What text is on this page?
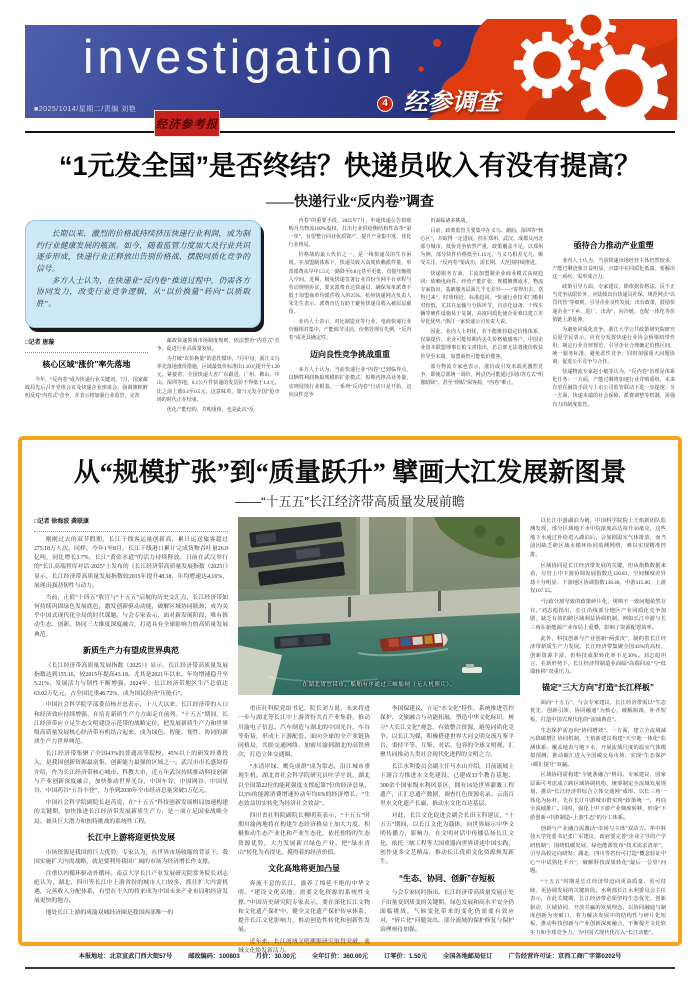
investigation
4 经参调查
■2025/1014/星期二/责编 刘艳
经济参考报
“1元发全国”是否终结？快递员收入有没有提高？
——快递行业“反内卷”调查

长期以来，激烈的价格战持续挤压快递行业利润，成为制约行业健康发展的瓶颈。如今，随着监管力度加大及行业共识逐步形成，快递行业正释放出告别价格战、摆脱同质化竞争的信号。

多方人士认为，在快递业“反内卷”推进过程中，仍需各方协同发力，改变行业竞争逻辑，从“以价换量”转向“以质取胜”。

□记者 唐璇
核心区域“涨价”率先落地

今年，“反内卷”成为快递行业关键词。7月，国家邮政局先后召开党组会议及快递企业座谈会，强调旗帜鲜明反对“内卷式”竞争，并表示将加强行业监管，完善

邮政快递领域市场制度规则，依法整治“内卷式”竞争，促进行业高质量发展。

为打破“以价换量”的恶性循环，7月中旬，浙江义乌率先落地涨价措施，区域最低价标准由1.10元提升至1.20元。紧接着，全国快递大省广东跟进，广州、佛山、中山、深圳等地，0.1公斤件快递的发货价不得低于1.4元，比之前上涨0.4至0.5元。这意味着，靠“1元发全国”抢市场的时代正在结束。

优化产能结构、并购重组，也是此次“反

内卷”的重要手段。2025年7月，申通快递公告拟收购丹鸟物流100%股权，打出行业供给侧结构性改革“第一单”，有望整合同业优质资产，提升产业集中度，优化行业格局。

价格战的最大代价之一，是一线快递员的生存困境。在加盟制体系下，快递员收入高度依赖派件量，单票派费从早年1.5元一路降至0.8元甚至更低，直接压缩收入空间。近期，极兔快递签署行业首份全网平台章程与劳动规则协议，要求派费直达快递员，确保每单派费不低于加盟商单均派件收入的25%。杭州快递网点负责人朱先生表示，派费直达有助于避免快递员收入被层层截留。

业内人士表示，对比制造业等行业，电商快递行业份额相对集中，产能调节灵活，价格管理有先例，“反内卷”或更具确定性。

迈向良性竞争挑战重重

多方人士认为，当前快递行业“内卷”已到临界点，以牺牲利润换取规模的扩张模式，短期内推高业务量，实则侵蚀行业根基。一系列“反内卷”行动只是开始，迈向良性竞争

仍面临诸多挑战。

目前，政策监管主要集中在义乌、潮汕、深圳等“核心区”，并取得一定进展。但在郑州、武汉、成都及河北部分城市，低价竞争依然严重，政策覆盖不足。以郑州为例，部分快件价格低至1.15元，与义乌相差无几，颇受关注。“反内卷”要成功，需长期、大范围持续推进。

快递服务方面，主流加盟制企业商业模式高度趋同：依赖电商件、经营产能扩张、规模摊薄成本。物流专家指出，基础服务层面几乎无差异——“寄得出去、送得过来”，时效相近、标准趋同。“快递行业技术门槛相对较低，尤其在运输与分拣环节，自动化设备、干线车辆等硬件设施易于复制，高度同质化使企业难以建立差异化优势。”浙江一家快递公司负责人说。

因此，业内人士担忧，若不能维持稳定价格体系，仅靠提价，企业可能短期内丢失价格敏感客户。中国企业资本联盟理事长柏文喜指出，若总部无法将涨价收益传导至末端，加盟商仍可能低价揽客。

部分物流专家也表示，涨价或引发末端更激烈竞争。即使总部统一调价，网点仍可能通过回扣等方式“明涨暗降”，甚至“倒贴”保客源，“内卷”难止。

亟待合力推动产业重塑

业内人士认为，当前快递市场经营主体仍然较多，产能过剩迹象日益明显，且集中在同质化低端。要解决这一顽疾，需形成合力。

政策引导方面，专家建议，除依据价格法、反不正当竞争法限价外，应陆续出台快递员社保、规范网点“以罚代管”等细则，引导企业良性发展；出台政策，鼓励快递企业“下乡、进厂、出海”，向冷链、仓配一体化等价值链上游延伸。

为避免同质化竞争，浙江大学公共政策研究院研究员夏学民表示，应充分发挥快递行业协会桥梁纽带作用，制定行业自律规范，引导企业合理确定价格区间，统一服务标准，避免恶性竞争；同时加强重大问题协调，促进公平竞争与合作。

快递物流专家赵小敏等认为，“反内卷”治理是体系化任务：一方面，产能过剩将加速行业并购重组，未来有望在融资手段与上市公司监管联动下进一步提速；另一方面，快递末端的社会保障、派费调整等机制，需强有力的制度监管。

从“规模扩张”到“质量跃升” 擘画大江发展新图景
——“十五五”长江经济带高质量发展前瞻
□记者 徐海波 龚联康

刚刚过去的双节假期，长江干线客运量创新高，累计运送旅客超过275.18万人次。同样，今年1至8月，长江干线港口累计完成货物吞吐量26.9亿吨，同比增长3.7%，长江“黄金水道”的活力持续释放。日前在武汉举行的“长江高端智库对话·2025”上发布的《长江经济带高质量发展指数（2025）》显示，长江经济带高质量发展指数较2015年提升48.18，年均增速达4.16%，展现出强劲韧性与动力。

当前，正值“十四五”收官与“十五五”启航的历史交汇点，长江经济带如何持续巩固绿色发展底色，激发创新驱动动能，破解区域协同瓶颈，成为关乎中国式现代化全局的时代课题。与会专家表示，面对新发展阶段，唯有推动生态、创新、协同三大维度深度融合，打造具有全球影响力的高质量发展典范。

新质生产力有望成世界典范

《长江经济带高质量发展指数（2025）》显示，长江经济带高质量发展指数达到155.16，较2015年提高43.18。尤其是2021年以来，年均增速稳升至5.21%，发展活力与韧性不断增强。2024年，长江经济带地区生产总值达63.02万亿元，占全国比重46.72%，成为国民经济“压舱石”。

中国社会科学院学部委员杨开忠表示，十八大以来，长江经济带的人口和经济效应持续增强，在培育新质生产力方面走在前列。“十五五”期间，长江经济带应立足生态文明建设示范带的战略定位，把发展新质生产力和世界级高质量发展核心经济带有机结合起来，成为绿色、智能、韧性、协同的新质生产力世界典范。

长江经济带集聚了全国43%的普通高等院校，45%以上的研发经费投入，是我国创新资源最富集、创新能力最强的区域之一。武汉市市长盛阅春介绍，作为长江经济带核心城市、科教大市，近五年武汉持续推动科技创新与产业创新深度融合，加快推动世界光谷、中国车谷、中国网谷、中国星谷、中国药谷“五谷丰登”，力争到2030年全市经济总量突破3万亿元。

中国社会科学院副院长赵芮说，在“十五五”科技创新发展棋局加速构建的关键期，加快推进长江经济带发展新质生产力，是一项立足国家战略全局、兼具巨大潜力和独特挑战的系统性工程。

长江中上游将迎更快发展

市场资源是我国的巨大优势。专家认为，在世界市场收缩的背景下，我国实施扩大内需战略，就是要利用我国广阔的市场为经济增长作支撑。

注重以内循环驱动外循环。南京大学长江产业发展研究院常务院长刘志彪认为，湖北、四川等长江中上游省份的城市人口较多，抓住扩大内需机遇，完善收入分配体系，有望在不久的将来成为中国未来产业布局和经济发展更快的地方。

地处长江上游的成渝双城经济圈是我国西部唯一的

在湖北省宜昌市，船舶有序通过三峡船闸（无人机照片）。

重庆社科院党组书记、院长刘力说，未来将进一步与湖北等长江中上游省份共育产业集群，推动川渝电子信息、汽车制造与湖北的中国光谷、车谷等衔接，形成上下游配套、面向全球的全产业链协同格局，共联交通网络，加密川渝到湖北的高铁班次，打造立体交通圈。

“水清岸绿、鹰凫成群”成为常态，沿江城市重现生机。湖北省社会科学院研究员叶学平说，湖北以全国第22位的能耗强度支撑起第7位的经济总量，以3%的能源消费增速拉动年均6%的经济增长，“生态效益切实转化为经济社会效益”。

四川省社科院副院长柳明英表示，“十五五”时期川渝两地将在构建生态经济格局上加大力度，积极推动生态产业化和产业生态化，依托独特的生态资源优势，大力发展新兴绿色产业，把“绿水青山”转化为看得见、摸得着的经济价值。

文化高地将更加凸显

奔流不息的长江，滋养了绵延不绝的中华文明。“建设文化高地，需要文化资源的系统性支撑。”中国历史研究院专家表示，要在深化长江文物和文化遗产保护中，健全文化遗产保护传承体系，提升长江文化影响力，推动创造性转化和创新性发展。

近年来，长江流域文明溯源研究取得突破，流域文化焕发新活力。

李国保建议，立足“水文化”特性，系统推进管控保护、文旅融合与功能拓展，塑造中华文化标识。树立“大长江文化”观念，有效整合资源，避免同质化竞争。以长江为媒，积极搭建世界大河文明交流互鉴平台，秉持平等、互鉴、对话、包容的全球文明观，汇聚共同推动人类社会现代化进程的文明之力。

长江水利委员会副主任马水山介绍，目前流域上下游合力推进水文化建设，已建成33个教育基地、300余个国家级水利风景区，拥有16处世界灌溉工程遗产，正汇总遗产数据，调查红色资源名录、云南百里水文化遗产长廊，推动水文化直达基层。

对此，长江文化促进会副会长田玉科建议，“十五五”期间，以长江文化为载体，向世界展示中华文明传播力、影响力，在文明对话中传播弘扬长江文化，依托三峡工程等大国重器向世界讲述中国实践，创作更多文艺精品，推动长江优质文化资源焕发新生。

“生态、协同、创新”存短板

与会专家同时指出，长江经济带高质量发展正处于由量变到质变的关键期，绿色发展和高水平安全仍面临挑战，气候变化带来的变化仍需要有效应对，“碎片化”问题突出，部分流域的保护修复与保护治理亟待加强。

以长江中游湖泊为例，中国科学院院士王焰新团队监测发现，部分区域地下水甲烷浓度高达每升30毫克，这些地下水通过补给进入湖泊后，会加剧温室气体排放，而当前因缺乏跨区域水循环协同监测网络，难以实现精准控排。

区域协同是长江经济带发展的关键，但从指数数据来看，尽管上中下游协调发展指数达120.83，空间梯度差异却十分明显：下游地区协调指数138.48，中游115.00，上游仅107.55。

“行政分割导致的政策碎片化、规则不一致问题依然存在。”刘志彪指出，长江沿线部分地区产业同质化竞争加剧，缺乏有效的跨区域利益协调机制，例如长江中游与长三角在新能源产业布局上重叠，影响了资源配置效率。

此外，科技创新与产业创新“两张皮”，制约着长江经济带新质生产力发展。长江经济带集聚全国43%的高校、创新资源丰富，但科技成果转化率不足30%。刘志彪坦言，在新形势下，长江经济带制造业面临“高端回流”与“低端转移”双重压力。

锚定“三大方向”打造“长江样板”

面向“十五五”，与会专家建议，长江经济带需以“生态优先、创新引领、协同融通”为核心，破解瓶颈，补齐短板，打造中国式现代化的“流域典范”。

生态保护需迈向“协同增效”。一方面，建立全流域减污降碳增汇协同机制，王焰新建议构建“天空地一体化”监测体系，覆盖地表与地下水，开展流域尺度的温室气体模拟预测，推动碳汇进入全国碳交易市场，实现“生态保护+碳汇提升”双赢。

区域协同需构建“全链条融合”格局。专家建议，国家层面可考虑成立跨区域协调机构，统筹制定全流域发展规划，推动“长江经济带综合立体交通网”成形。以长三角一体化为标杆，先在长江中游城市群实现“政策统一”，再向全流域推广。同时，强化上中下游产业梯度转移，形成“下游创新+中游制造+上游生态”的分工体系。

创新与产业融合需激活“市场与主体”双动力。华中科技大学党委书记张广军建议，政府要完善“企业主导的产学研机制”，围绕低碳发展、绿色能源发布“技术需求清单”，引导高校定向研发；湖北、四川等省份可打造“概念验证中心”“中试熟化平台”，破解科技成果转化“最后一公里”问题。

“十五五”时期是长江经济带迈向更高质量、更可持续、更协调发展的关键阶段。水利部长江水利委员会主任表示，在此关键期，长江经济带必须坚持生态优先、创新驱动、区域协同、开放共赢的发展理念，以协同融通与制度创新为突破口，着力解决发展中的结构性与碎片化短板，推动科技创新与产业创新深度融合，不断提升文化软实力和全球竞争力，为中国式现代化注入“长江动能”。

本报地址：北京宣武门西大街57号	邮政编码：100803	月价：30.00元	全年订价：360.00元	订零价：1.50元	全国各地邮局征订	广告经营许可证：京西工商广字第0202号
